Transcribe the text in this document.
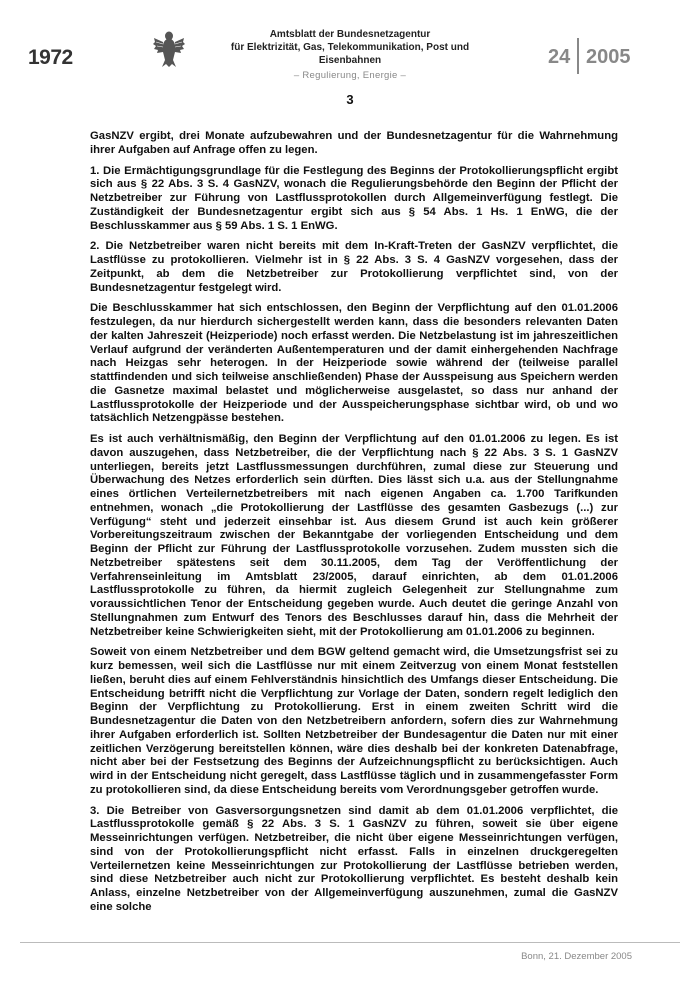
1972
Amtsblatt der Bundesnetzagentur
für Elektrizität, Gas, Telekommunikation, Post und Eisenbahnen
– Regulierung, Energie –
24 2005
3

GasNZV ergibt, drei Monate aufzubewahren und der Bundesnetzagentur für die Wahrnehmung ihrer Aufgaben auf Anfrage offen zu legen.

1. Die Ermächtigungsgrundlage für die Festlegung des Beginns der Protokollierungspflicht ergibt sich aus § 22 Abs. 3 S. 4 GasNZV, wonach die Regulierungsbehörde den Beginn der Pflicht der Netzbetreiber zur Führung von Lastflussprotokollen durch Allgemeinverfügung festlegt. Die Zuständigkeit der Bundesnetzagentur ergibt sich aus § 54 Abs. 1 Hs. 1 EnWG, die der Beschlusskammer aus § 59 Abs. 1 S. 1 EnWG.

2. Die Netzbetreiber waren nicht bereits mit dem In-Kraft-Treten der GasNZV verpflichtet, die Lastflüsse zu protokollieren. Vielmehr ist in § 22 Abs. 3 S. 4 GasNZV vorgesehen, dass der Zeitpunkt, ab dem die Netzbetreiber zur Protokollierung verpflichtet sind, von der Bundesnetzagentur festgelegt wird.

Die Beschlusskammer hat sich entschlossen, den Beginn der Verpflichtung auf den 01.01.2006 festzulegen, da nur hierdurch sichergestellt werden kann, dass die besonders relevanten Daten der kalten Jahreszeit (Heizperiode) noch erfasst werden. Die Netzbelastung ist im jahreszeitlichen Verlauf aufgrund der veränderten Außentemperaturen und der damit einhergehenden Nachfrage nach Heizgas sehr heterogen. In der Heizperiode sowie während der (teilweise parallel stattfindenden und sich teilweise anschließenden) Phase der Ausspeisung aus Speichern werden die Gasnetze maximal belastet und möglicherweise ausgelastet, so dass nur anhand der Lastflussprotokolle der Heizperiode und der Ausspeicherungsphase sichtbar wird, ob und wo tatsächlich Netzengpässe bestehen.

Es ist auch verhältnismäßig, den Beginn der Verpflichtung auf den 01.01.2006 zu legen. Es ist davon auszugehen, dass Netzbetreiber, die der Verpflichtung nach § 22 Abs. 3 S. 1 GasNZV unterliegen, bereits jetzt Lastflussmessungen durchführen, zumal diese zur Steuerung und Überwachung des Netzes erforderlich sein dürften. Dies lässt sich u.a. aus der Stellungnahme eines örtlichen Verteilernetzbetreibers mit nach eigenen Angaben ca. 1.700 Tarifkunden entnehmen, wonach „die Protokollierung der Lastflüsse des gesamten Gasbezugs (...) zur Verfügung“ steht und jederzeit einsehbar ist. Aus diesem Grund ist auch kein größerer Vorbereitungszeitraum zwischen der Bekanntgabe der vorliegenden Entscheidung und dem Beginn der Pflicht zur Führung der Lastflussprotokolle vorzusehen. Zudem mussten sich die Netzbetreiber spätestens seit dem 30.11.2005, dem Tag der Veröffentlichung der Verfahrenseinleitung im Amtsblatt 23/2005, darauf einrichten, ab dem 01.01.2006 Lastflussprotokolle zu führen, da hiermit zugleich Gelegenheit zur Stellungnahme zum voraussichtlichen Tenor der Entscheidung gegeben wurde. Auch deutet die geringe Anzahl von Stellungnahmen zum Entwurf des Tenors des Beschlusses darauf hin, dass die Mehrheit der Netzbetreiber keine Schwierigkeiten sieht, mit der Protokollierung am 01.01.2006 zu beginnen.

Soweit von einem Netzbetreiber und dem BGW geltend gemacht wird, die Umsetzungsfrist sei zu kurz bemessen, weil sich die Lastflüsse nur mit einem Zeitverzug von einem Monat feststellen ließen, beruht dies auf einem Fehlverständnis hinsichtlich des Umfangs dieser Entscheidung. Die Entscheidung betrifft nicht die Verpflichtung zur Vorlage der Daten, sondern regelt lediglich den Beginn der Verpflichtung zu Protokollierung. Erst in einem zweiten Schritt wird die Bundesnetzagentur die Daten von den Netzbetreibern anfordern, sofern dies zur Wahrnehmung ihrer Aufgaben erforderlich ist. Sollten Netzbetreiber der Bundesagentur die Daten nur mit einer zeitlichen Verzögerung bereitstellen können, wäre dies deshalb bei der konkreten Datenabfrage, nicht aber bei der Festsetzung des Beginns der Aufzeichnungspflicht zu berücksichtigen. Auch wird in der Entscheidung nicht geregelt, dass Lastflüsse täglich und in zusammengefasster Form zu protokollieren sind, da diese Entscheidung bereits vom Verordnungsgeber getroffen wurde.

3. Die Betreiber von Gasversorgungsnetzen sind damit ab dem 01.01.2006 verpflichtet, die Lastflussprotokolle gemäß § 22 Abs. 3 S. 1 GasNZV zu führen, soweit sie über eigene Messeinrichtungen verfügen. Netzbetreiber, die nicht über eigene Messeinrichtungen verfügen, sind von der Protokollierungspflicht nicht erfasst. Falls in einzelnen druckgeregelten Verteilernetzen keine Messeinrichtungen zur Protokollierung der Lastflüsse betrieben werden, sind diese Netzbetreiber auch nicht zur Protokollierung verpflichtet. Es besteht deshalb kein Anlass, einzelne Netzbetreiber von der Allgemeinverfügung auszunehmen, zumal die GasNZV eine solche

Bonn, 21. Dezember 2005
